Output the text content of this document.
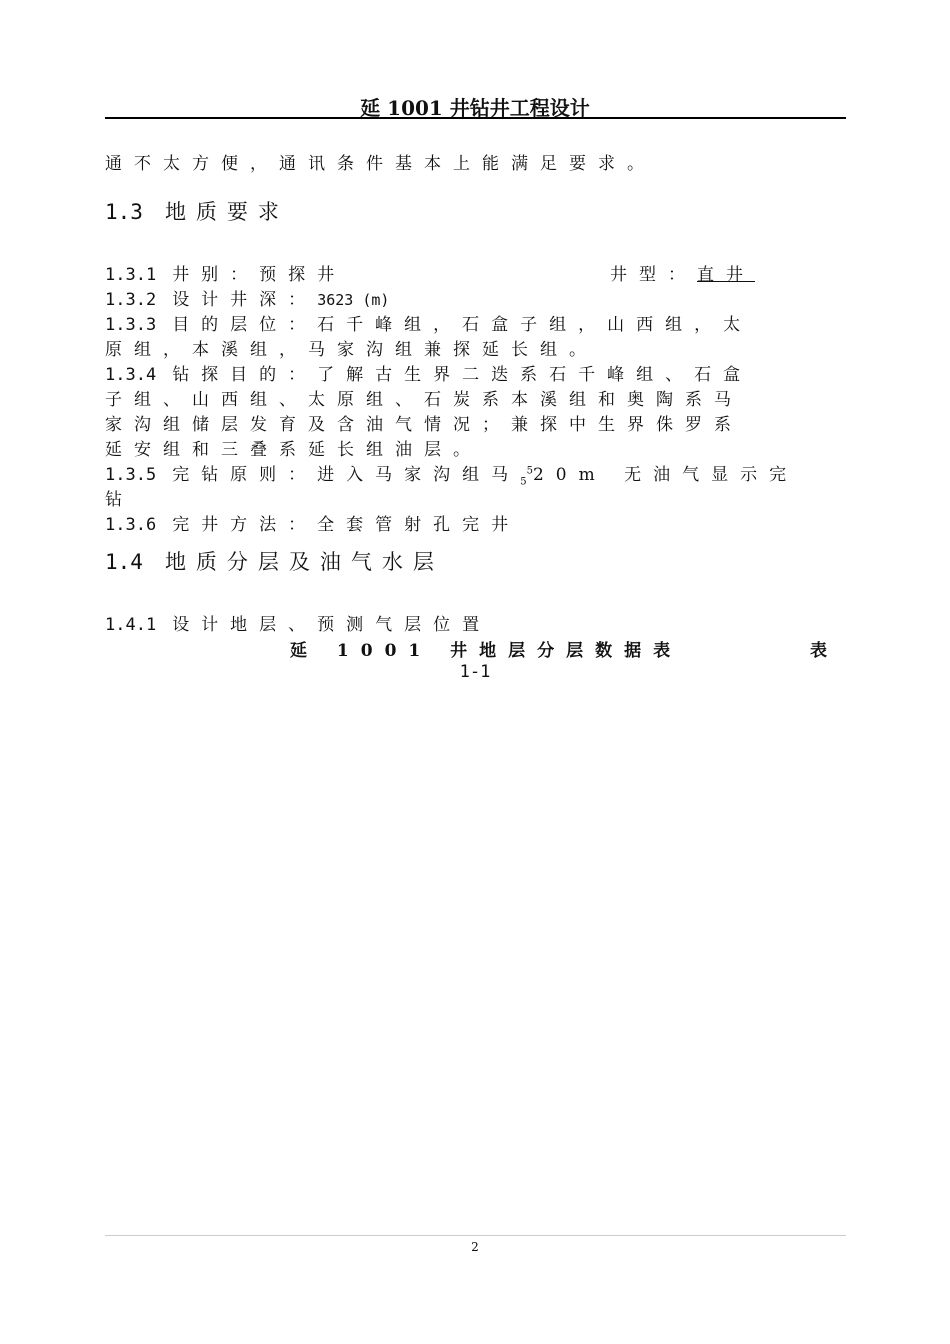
延 1001 井钻井工程设计
通不太方便，通讯条件基本上能满足要求。
1.3 地质要求
1.3.1 井别：预探井	井型：直井
1.3.2 设计井深：3623 (m)
1.3.3 目的层位：石千峰组，石盒子组，山西组，太
原组，本溪组，马家沟组兼探延长组。
1.3.4 钻探目的：了解古生界二迭系石千峰组、石盒
子组、山西组、太原组、石炭系本溪组和奥陶系马
家沟组储层发育及含油气情况；兼探中生界侏罗系
延安组和三叠系延长组油层。
1.3.5 完钻原则：进入马家沟组马$_5^5$20m 无油气显示完
钻
1.3.6 完井方法：全套管射孔完井
1.4 地质分层及油气水层
1.4.1 设计地层、预测气层位置
延 1001 井地层分层数据表	表
1-1
2
